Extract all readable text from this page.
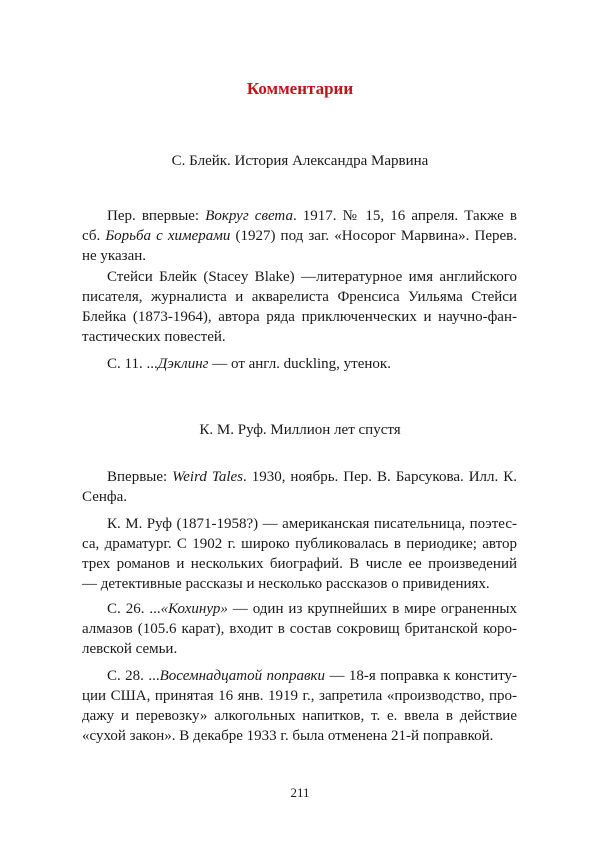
Комментарии
С. Блейк. История Александра Марвина
Пер. впервые: Вокруг света. 1917. № 15, 16 апреля. Также в
сб. Борьба с химерами (1927) под заг. «Носорог Марвина». Перев.
не указан.
Стейси Блейк (Stacey Blake) —литературное имя английского
писателя, журналиста и акварелиста Френсиса Уильяма Стейси
Блейка (1873-1964), автора ряда приключенческих и научно-фан-
тастических повестей.
С. 11. ...Дэклинг — от англ. duckling, утенок.
К. М. Руф. Миллион лет спустя
Впервые: Weird Tales. 1930, ноябрь. Пер. В. Барсукова. Илл. К.
Сенфа.
К. М. Руф (1871-1958?) — американская писательница, поэтес-
са, драматург. С 1902 г. широко публиковалась в периодике; автор
трех романов и нескольких биографий. В числе ее произведений
— детективные рассказы и несколько рассказов о привидениях.
С. 26. ...«Кохинур» — один из крупнейших в мире ограненных
алмазов (105.6 карат), входит в состав сокровищ британской коро-
левской семьи.
С. 28. ...Восемнадцатой поправки — 18-я поправка к конститу-
ции США, принятая 16 янв. 1919 г., запретила «производство, про-
дажу и перевозку» алкогольных напитков, т. е. ввела в действие
«сухой закон». В декабре 1933 г. была отменена 21-й поправкой.
211
